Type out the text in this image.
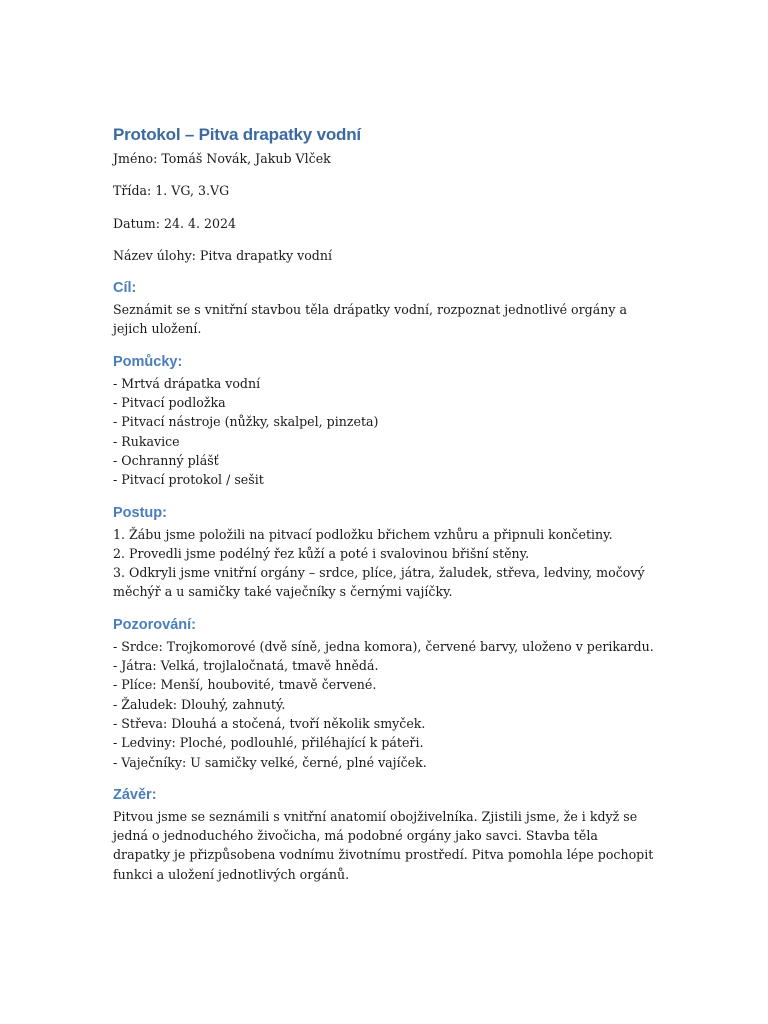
Protokol – Pitva drapatky vodní
Jméno: Tomáš Novák, Jakub Vlček
Třída: 1. VG, 3.VG
Datum: 24. 4. 2024
Název úlohy: Pitva drapatky vodní
Cíl:
Seznámit se s vnitřní stavbou těla drápatky vodní, rozpoznat jednotlivé orgány a jejich uložení.
Pomůcky:
- Mrtvá drápatka vodní
- Pitvací podložka
- Pitvací nástroje (nůžky, skalpel, pinzeta)
- Rukavice
- Ochranný plášť
- Pitvací protokol / sešit
Postup:
1. Žábu jsme položili na pitvací podložku břichem vzhůru a připnuli končetiny.
2. Provedli jsme podélný řez kůží a poté i svalovinou břišní stěny.
3. Odkryli jsme vnitřní orgány – srdce, plíce, játra, žaludek, střeva, ledviny, močový měchýř a u samičky také vaječníky s černými vajíčky.
Pozorování:
- Srdce: Trojkomorové (dvě síně, jedna komora), červené barvy, uloženo v perikardu.
- Játra: Velká, trojlaločnatá, tmavě hnědá.
- Plíce: Menší, houbovité, tmavě červené.
- Žaludek: Dlouhý, zahnutý.
- Střeva: Dlouhá a stočená, tvoří několik smyček.
- Ledviny: Ploché, podlouhlé, přiléhající k páteři.
- Vaječníky: U samičky velké, černé, plné vajíček.
Závěr:
Pitvou jsme se seznámili s vnitřní anatomií obojživelníka. Zjistili jsme, že i když se jedná o jednoduchého živočicha, má podobné orgány jako savci. Stavba těla drapatky je přizpůsobena vodnímu životnímu prostředí. Pitva pomohla lépe pochopit funkci a uložení jednotlivých orgánů.
